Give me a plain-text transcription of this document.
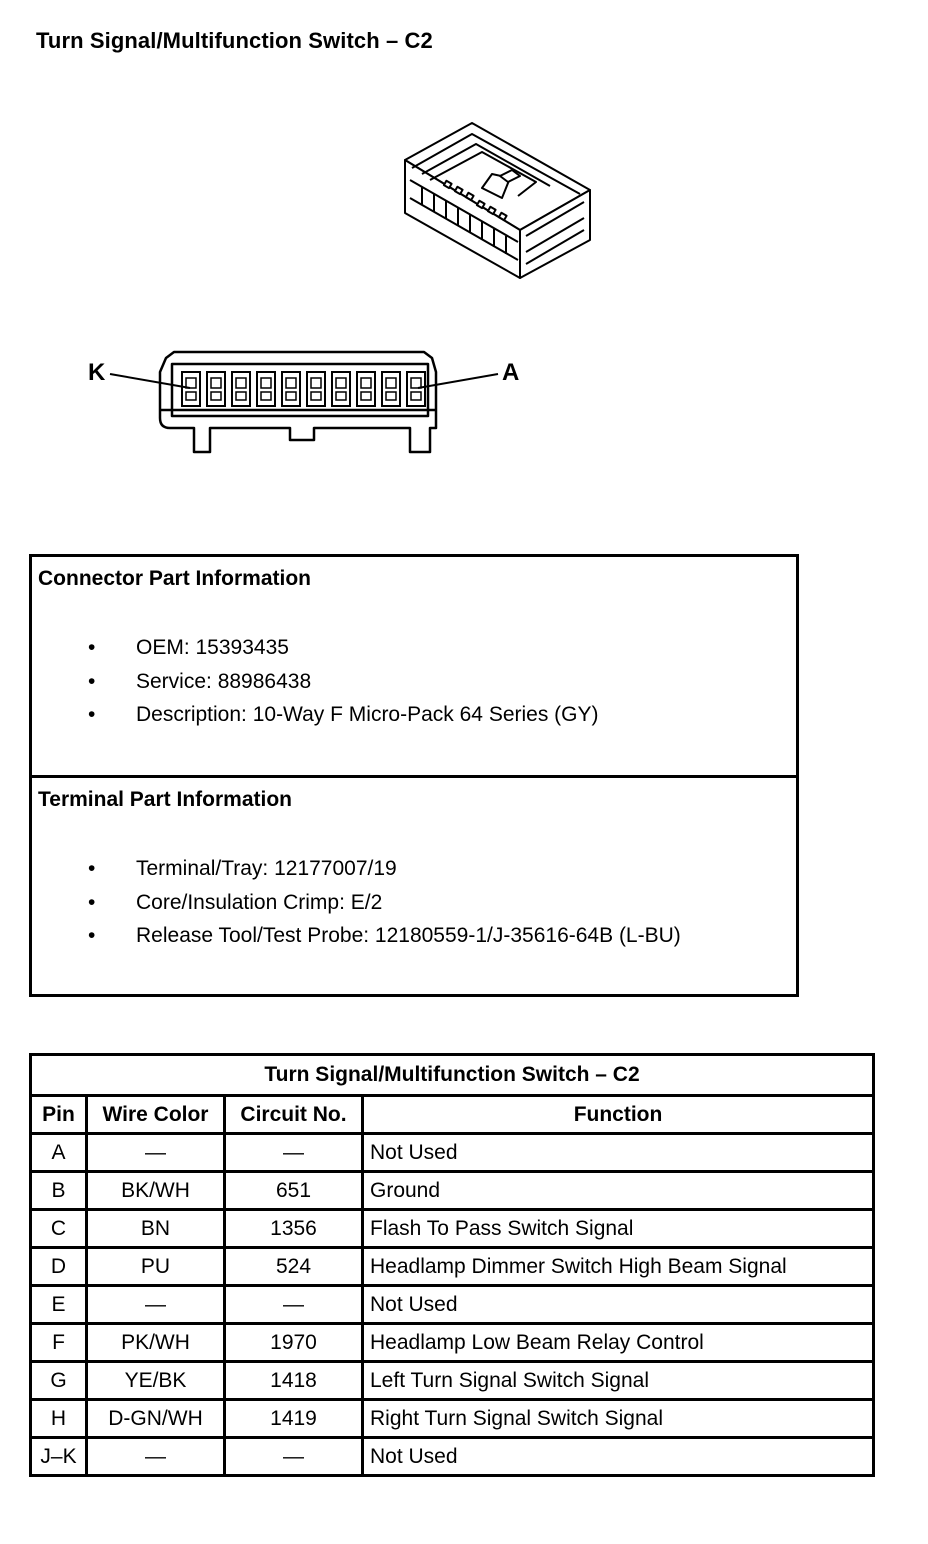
Turn Signal/Multifunction Switch – C2
K	A
Connector Part Information
• OEM: 15393435
• Service: 88986438
• Description: 10-Way F Micro-Pack 64 Series (GY)
Terminal Part Information
• Terminal/Tray: 12177007/19
• Core/Insulation Crimp: E/2
• Release Tool/Test Probe: 12180559-1/J-35616-64B (L-BU)
Turn Signal/Multifunction Switch – C2			
Pin	Wire Color	Circuit No.	Function
A	—	—	Not Used
B	BK/WH	651	Ground
C	BN	1356	Flash To Pass Switch Signal
D	PU	524	Headlamp Dimmer Switch High Beam Signal
E	—	—	Not Used
F	PK/WH	1970	Headlamp Low Beam Relay Control
G	YE/BK	1418	Left Turn Signal Switch Signal
H	D-GN/WH	1419	Right Turn Signal Switch Signal
J–K	—	—	Not Used
